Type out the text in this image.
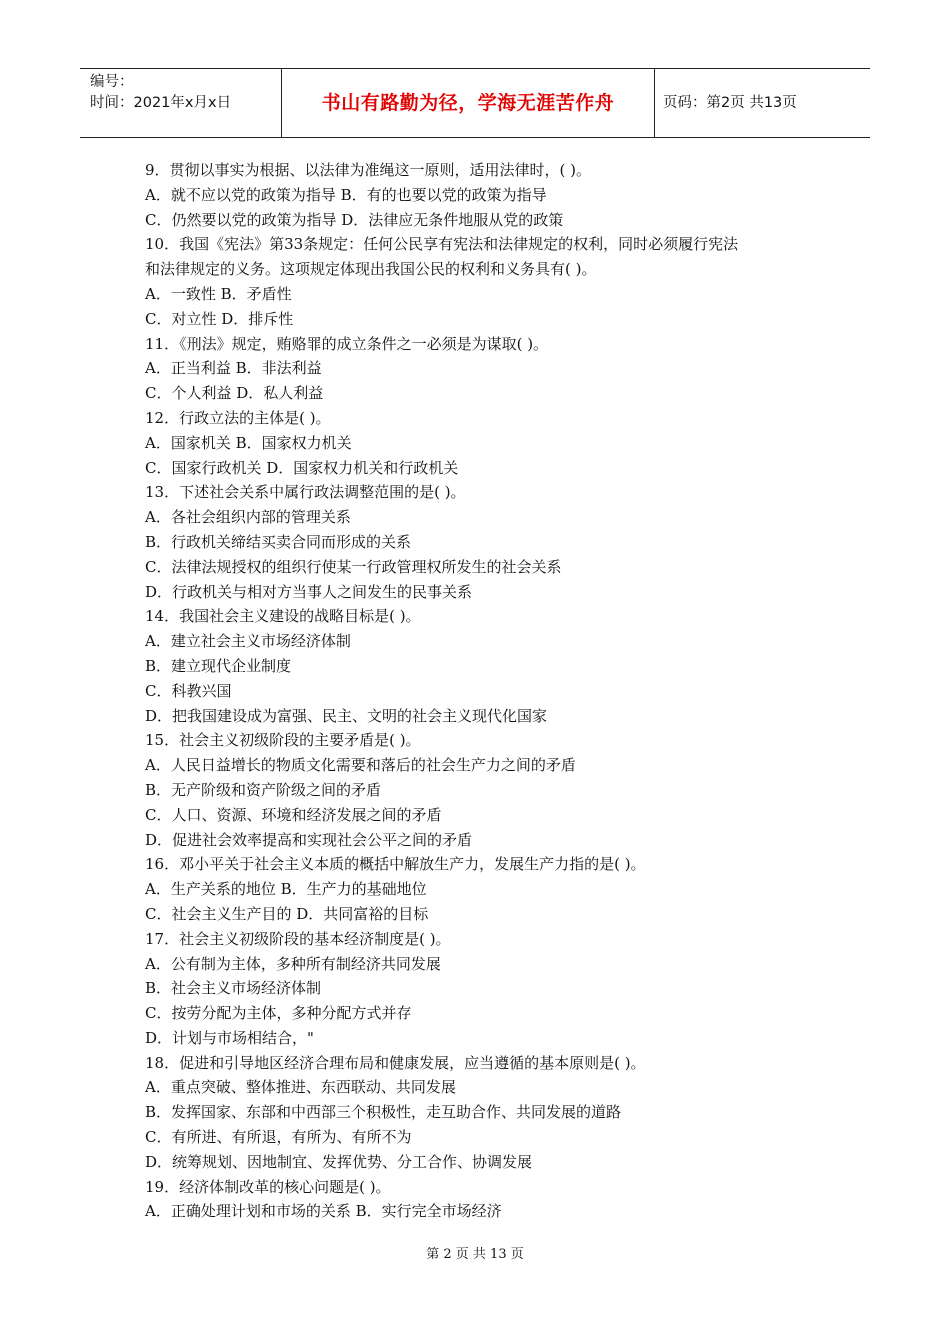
编号：
时间：2021年x月x日	书山有路勤为径，学海无涯苦作舟	页码：第2页 共13页
9．贯彻以事实为根据、以法律为准绳这一原则，适用法律时，( )。
A．就不应以党的政策为指导 B．有的也要以党的政策为指导
C．仍然要以党的政策为指导 D．法律应无条件地服从党的政策
10．我国《宪法》第33条规定：任何公民享有宪法和法律规定的权利，同时必须履行宪法
和法律规定的义务。这项规定体现出我国公民的权利和义务具有( )。
A．一致性 B．矛盾性
C．对立性 D．排斥性
11．《刑法》规定，贿赂罪的成立条件之一必须是为谋取( )。
A．正当利益 B．非法利益
C．个人利益 D．私人利益
12．行政立法的主体是( )。
A．国家机关 B．国家权力机关
C．国家行政机关 D．国家权力机关和行政机关
13．下述社会关系中属行政法调整范围的是( )。
A．各社会组织内部的管理关系
B．行政机关缔结买卖合同而形成的关系
C．法律法规授权的组织行使某一行政管理权所发生的社会关系
D．行政机关与相对方当事人之间发生的民事关系
14．我国社会主义建设的战略目标是( )。
A．建立社会主义市场经济体制
B．建立现代企业制度
C．科教兴国
D．把我国建设成为富强、民主、文明的社会主义现代化国家
15．社会主义初级阶段的主要矛盾是( )。
A．人民日益增长的物质文化需要和落后的社会生产力之间的矛盾
B．无产阶级和资产阶级之间的矛盾
C．人口、资源、环境和经济发展之间的矛盾
D．促进社会效率提高和实现社会公平之间的矛盾
16．邓小平关于社会主义本质的概括中解放生产力，发展生产力指的是( )。
A．生产关系的地位 B．生产力的基础地位
C．社会主义生产目的 D．共同富裕的目标
17．社会主义初级阶段的基本经济制度是( )。
A．公有制为主体，多种所有制经济共同发展
B．社会主义市场经济体制
C．按劳分配为主体，多种分配方式并存
D．计划与市场相结合，"
18．促进和引导地区经济合理布局和健康发展，应当遵循的基本原则是( )。
A．重点突破、整体推进、东西联动、共同发展
B．发挥国家、东部和中西部三个积极性，走互助合作、共同发展的道路
C．有所进、有所退，有所为、有所不为
D．统筹规划、因地制宜、发挥优势、分工合作、协调发展
19．经济体制改革的核心问题是( )。
A．正确处理计划和市场的关系 B．实行完全市场经济
第 2 页 共 13 页
